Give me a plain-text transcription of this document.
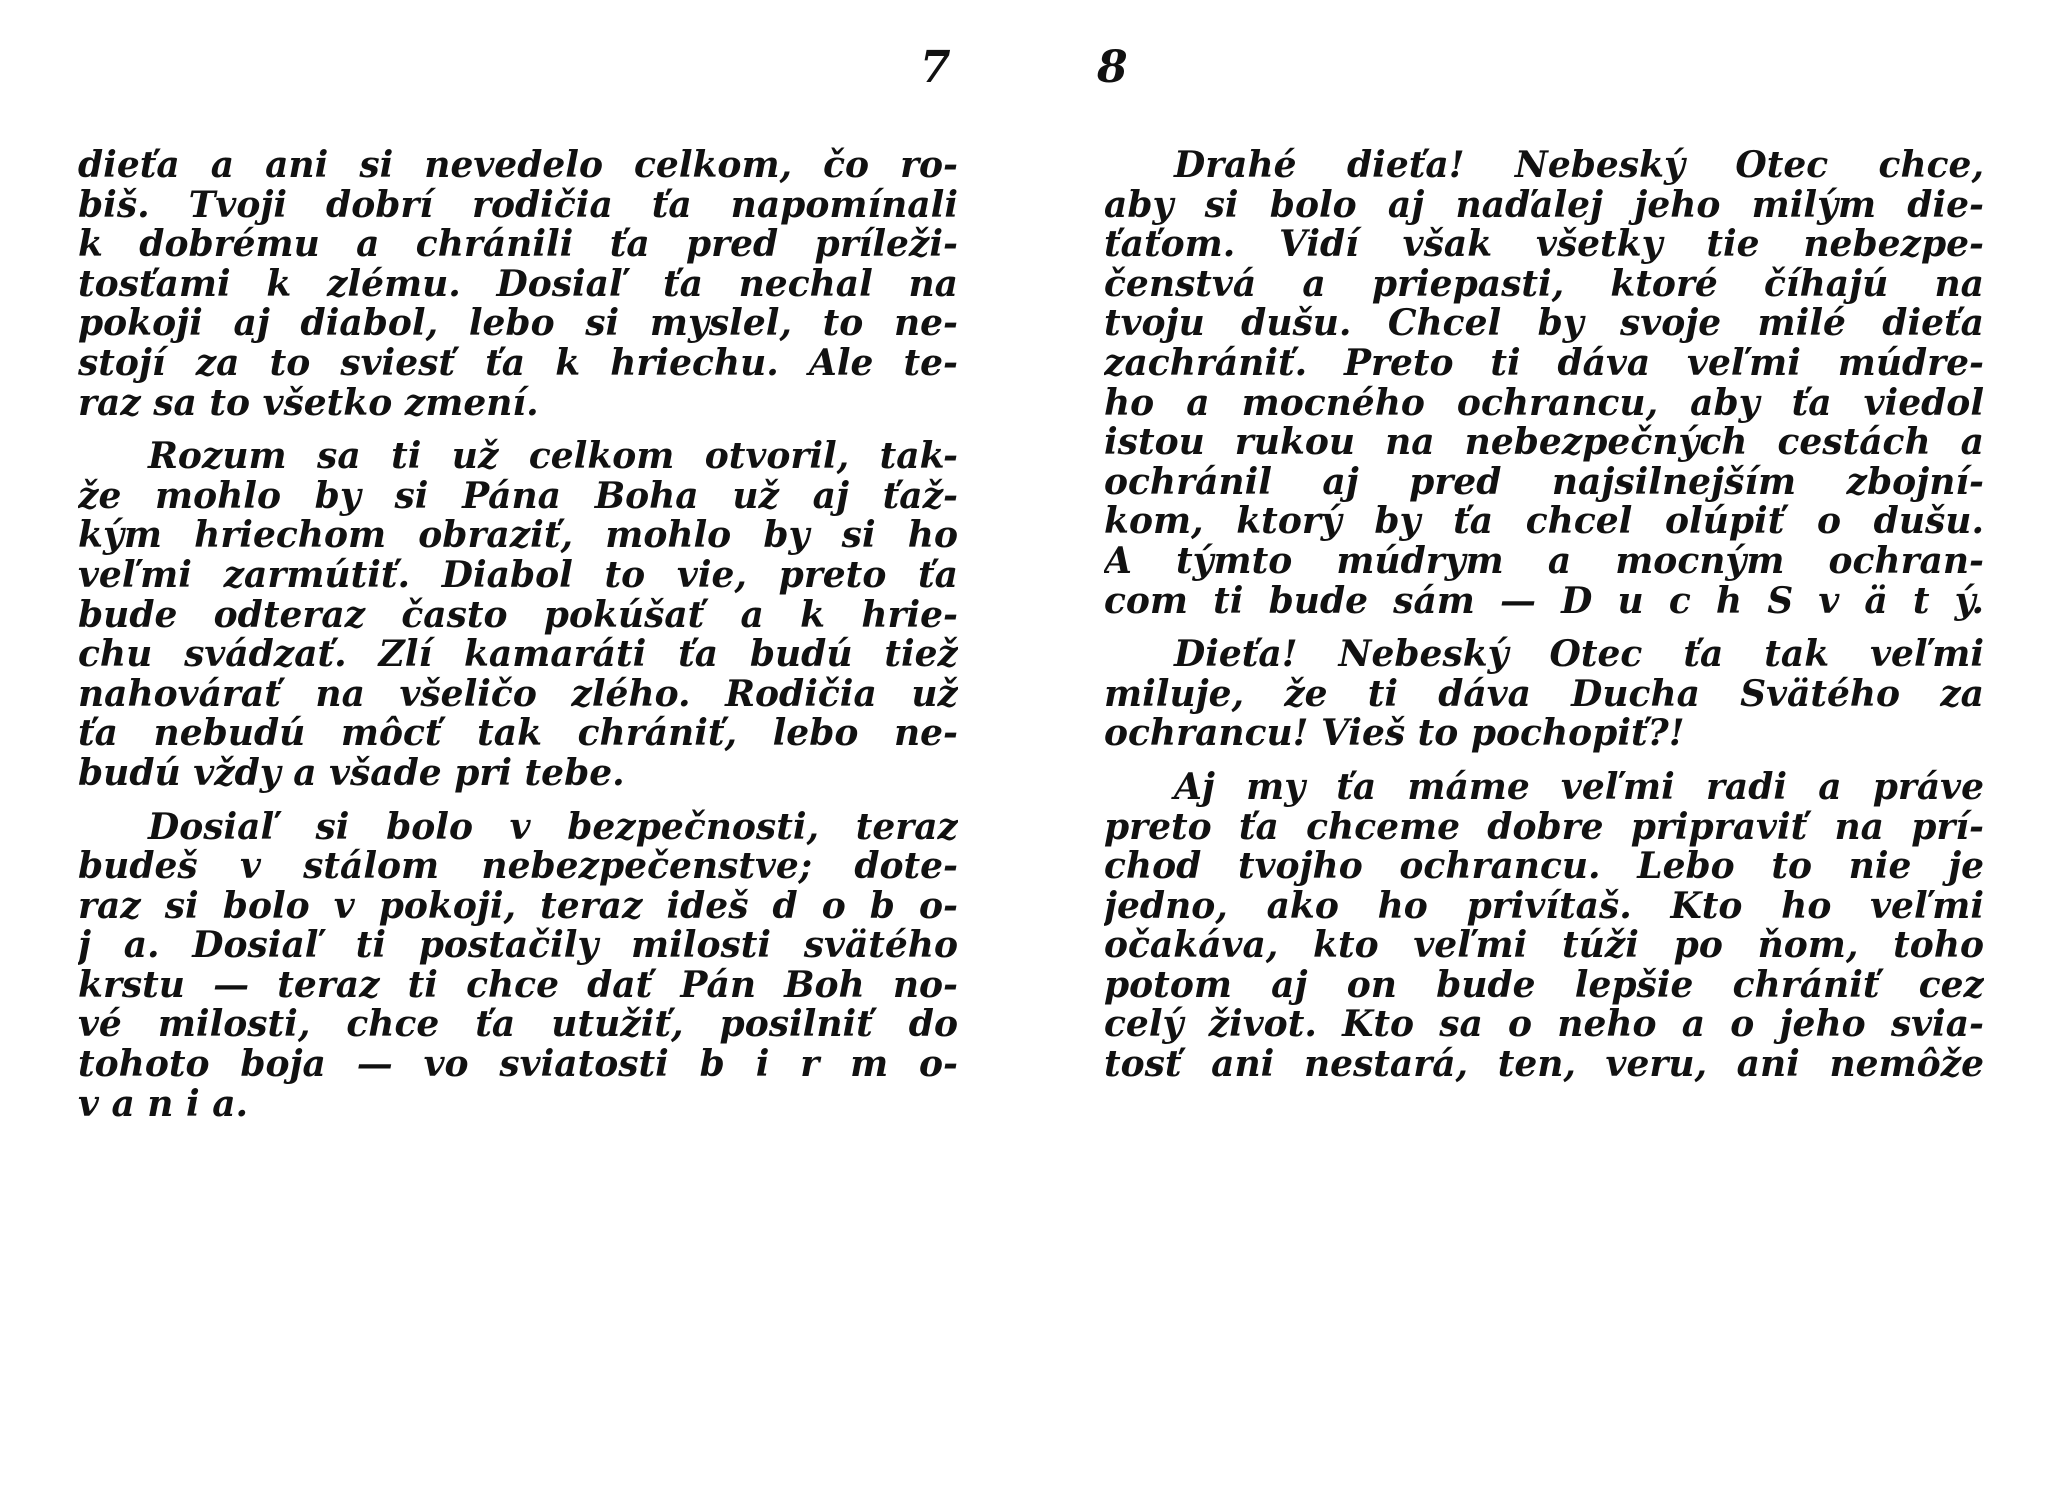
7	8
dieťa a ani si nevedelo celkom, čo ro-
biš. Tvoji dobrí rodičia ťa napomínali
k dobrému a chránili ťa pred príleži-
tosťami k zlému. Dosiaľ ťa nechal na
pokoji aj diabol, lebo si myslel, to ne-
stojí za to sviesť ťa k hriechu. Ale te-
raz sa to všetko zmení.
Rozum sa ti už celkom otvoril, tak-
že mohlo by si Pána Boha už aj ťaž-
kým hriechom obraziť, mohlo by si ho
veľmi zarmútiť. Diabol to vie, preto ťa
bude odteraz často pokúšať a k hrie-
chu svádzať. Zlí kamaráti ťa budú tiež
nahovárať na všeličo zlého. Rodičia už
ťa nebudú môcť tak chrániť, lebo ne-
budú vždy a všade pri tebe.
Dosiaľ si bolo v bezpečnosti, teraz
budeš v stálom nebezpečenstve; dote-
raz si bolo v pokoji, teraz ideš d o b o-
j a. Dosiaľ ti postačily milosti svätého
krstu — teraz ti chce dať Pán Boh no-
vé milosti, chce ťa utužiť, posilniť do
tohoto boja — vo sviatosti b i r m o-
v a n i a.
Drahé dieťa! Nebeský Otec chce,
aby si bolo aj naďalej jeho milým die-
ťaťom. Vidí však všetky tie nebezpe-
čenstvá a priepasti, ktoré číhajú na
tvoju dušu. Chcel by svoje milé dieťa
zachrániť. Preto ti dáva veľmi múdre-
ho a mocného ochrancu, aby ťa viedol
istou rukou na nebezpečných cestách a
ochránil aj pred najsilnejším zbojní-
kom, ktorý by ťa chcel olúpiť o dušu.
A týmto múdrym a mocným ochran-
com ti bude sám — D u c h S v ä t ý.
Dieťa! Nebeský Otec ťa tak veľmi
miluje, že ti dáva Ducha Svätého za
ochrancu! Vieš to pochopiť?!
Aj my ťa máme veľmi radi a práve
preto ťa chceme dobre pripraviť na prí-
chod tvojho ochrancu. Lebo to nie je
jedno, ako ho privítaš. Kto ho veľmi
očakáva, kto veľmi túži po ňom, toho
potom aj on bude lepšie chrániť cez
celý život. Kto sa o neho a o jeho svia-
tosť ani nestará, ten, veru, ani nemôže
